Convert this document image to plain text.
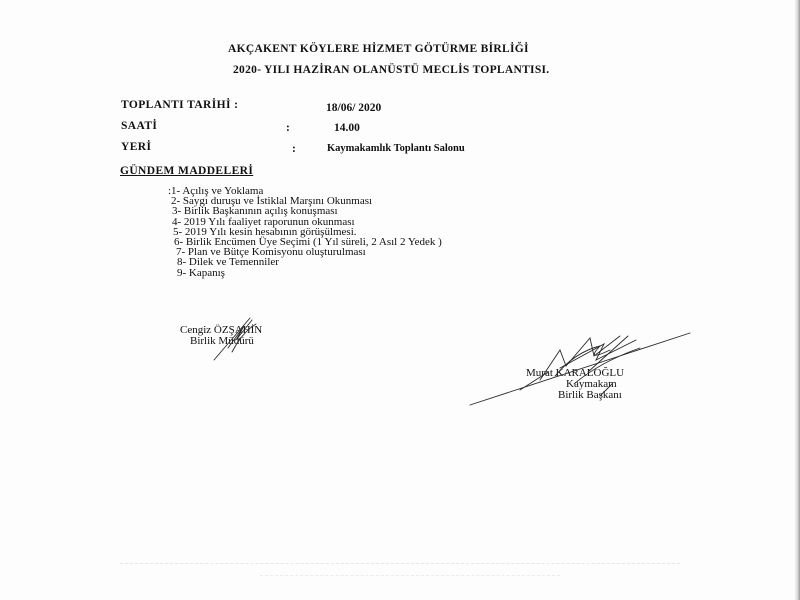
AKÇAKENT KÖYLERE HİZMET GÖTÜRME BİRLİĞİ
2020- YILI HAZİRAN OLANÜSTÜ MECLİS TOPLANTISI.
TOPLANTI TARİHİ :	18/06/ 2020
SAATİ	:	14.00
YERİ	:	Kaymakamlık Toplantı Salonu
GÜNDEM MADDELERİ
:1- Açılış ve Yoklama
2- Saygı duruşu ve İstiklal Marşını Okunması
3- Birlik Başkanının açılış konuşması
4- 2019 Yılı faaliyet raporunun okunması
5- 2019 Yılı kesin hesabının görüşülmesi.
6- Birlik Encümen Üye Seçimi (1 Yıl süreli, 2 Asıl 2 Yedek )
7- Plan ve Bütçe Komisyonu oluşturulması
8- Dilek ve Temenniler
9- Kapanış
Cengiz ÖZŞAHİN
Birlik Müdürü
Murat KARALOĞLU
Kaymakam
Birlik Başkanı
